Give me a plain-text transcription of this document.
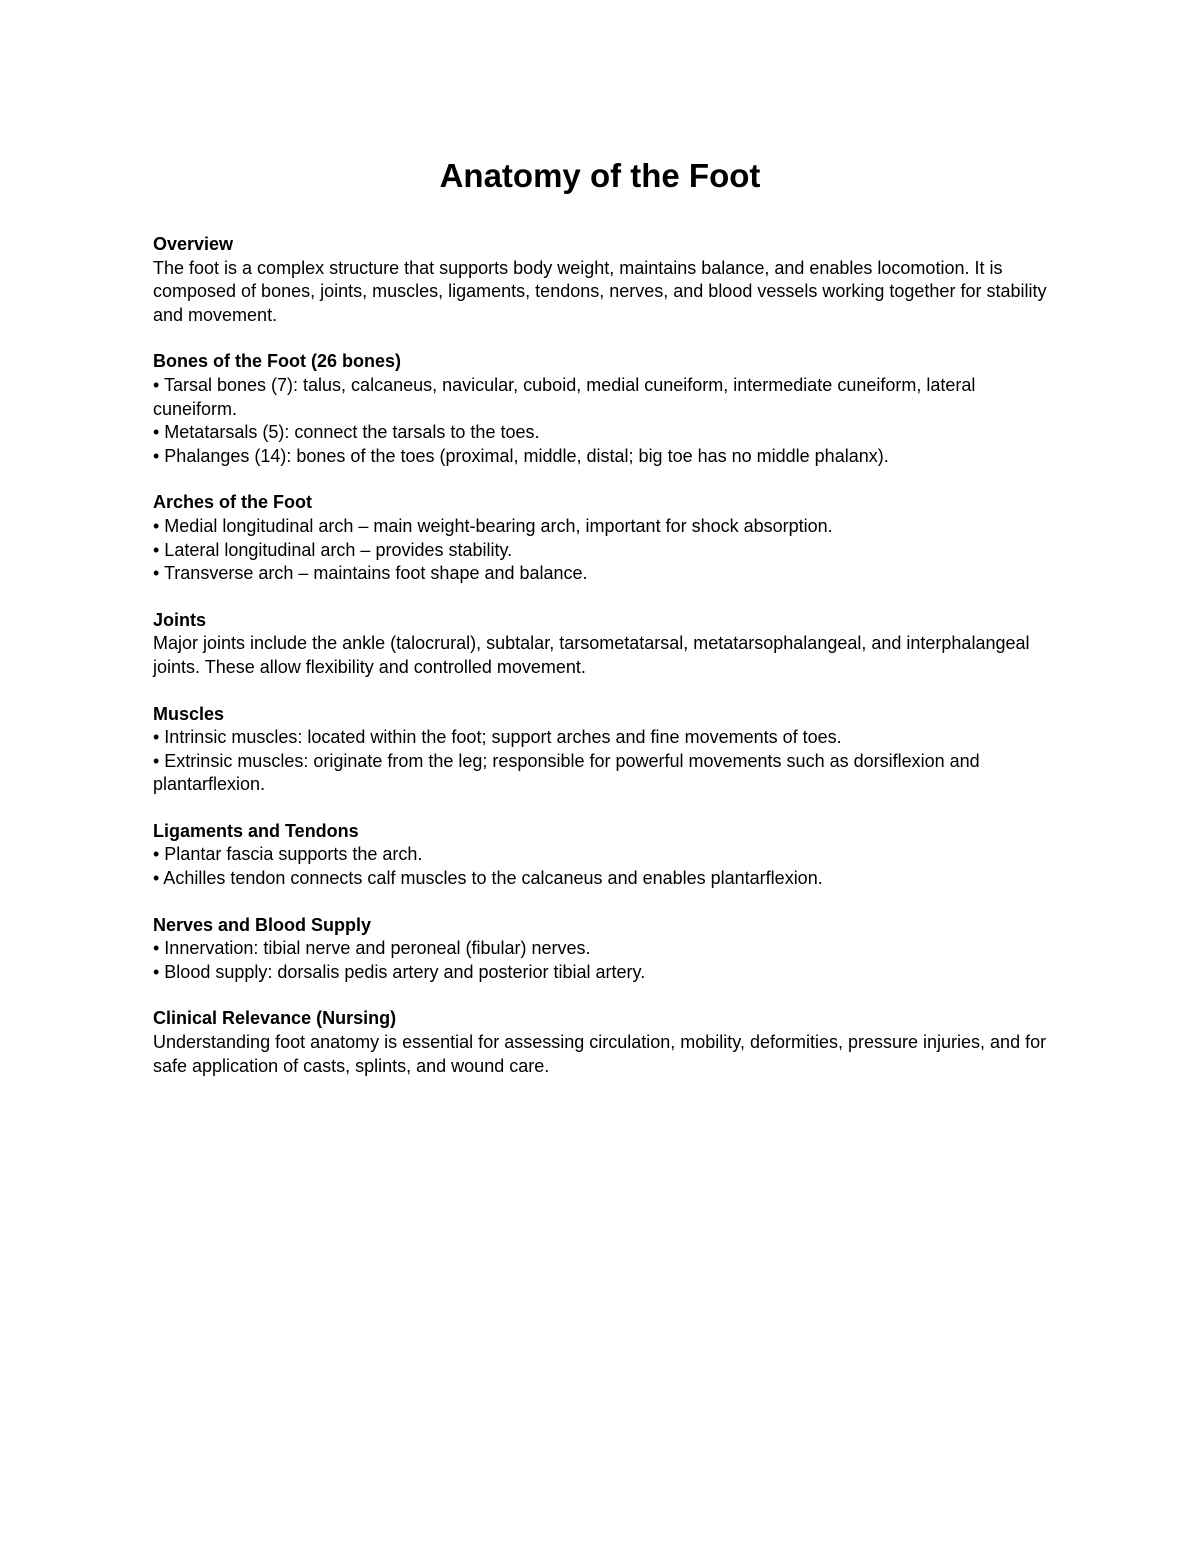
Anatomy of the Foot

Overview

The foot is a complex structure that supports body weight, maintains balance, and enables locomotion. It is composed of bones, joints, muscles, ligaments, tendons, nerves, and blood vessels working together for stability and movement.

Bones of the Foot (26 bones)

• Tarsal bones (7): talus, calcaneus, navicular, cuboid, medial cuneiform, intermediate cuneiform, lateral cuneiform.

• Metatarsals (5): connect the tarsals to the toes.

• Phalanges (14): bones of the toes (proximal, middle, distal; big toe has no middle phalanx).

Arches of the Foot

• Medial longitudinal arch – main weight-bearing arch, important for shock absorption.

• Lateral longitudinal arch – provides stability.

• Transverse arch – maintains foot shape and balance.

Joints

Major joints include the ankle (talocrural), subtalar, tarsometatarsal, metatarsophalangeal, and interphalangeal joints. These allow flexibility and controlled movement.

Muscles

• Intrinsic muscles: located within the foot; support arches and fine movements of toes.

• Extrinsic muscles: originate from the leg; responsible for powerful movements such as dorsiflexion and plantarflexion.

Ligaments and Tendons

• Plantar fascia supports the arch.

• Achilles tendon connects calf muscles to the calcaneus and enables plantarflexion.

Nerves and Blood Supply

• Innervation: tibial nerve and peroneal (fibular) nerves.

• Blood supply: dorsalis pedis artery and posterior tibial artery.

Clinical Relevance (Nursing)

Understanding foot anatomy is essential for assessing circulation, mobility, deformities, pressure injuries, and for safe application of casts, splints, and wound care.
